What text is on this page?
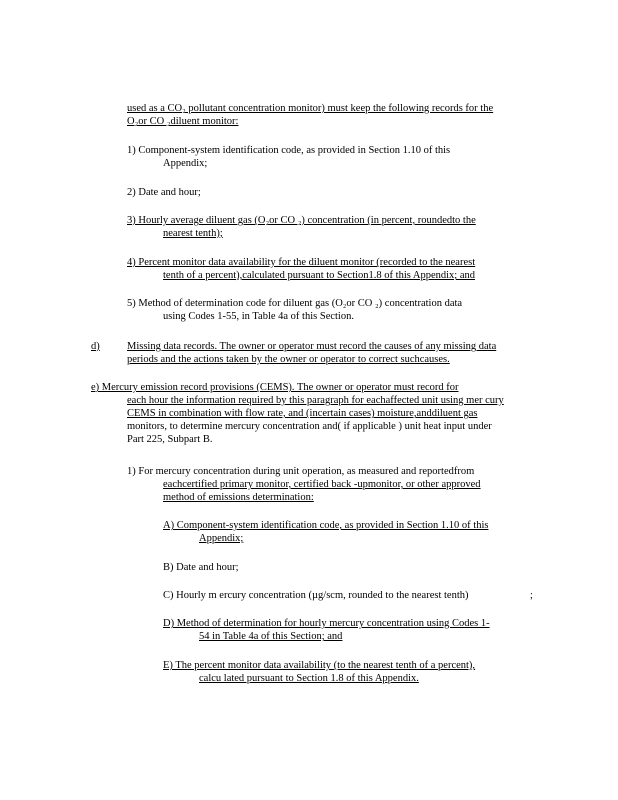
used as a CO₂ pollutant concentration monitor) must keep the following records for the
O₂or CO ₂diluent monitor:
1) Component-system identification code, as provided in Section 1.10 of this
Appendix;
2) Date and hour;
3) Hourly average diluent gas (O₂or CO ₂) concentration (in percent, roundedto the
nearest tenth);
4) Percent monitor data availability for the diluent monitor (recorded to the nearest
tenth of a percent),calculated pursuant to Section1.8 of this Appendix; and
5) Method of determination code for diluent gas (O₂or CO ₂) concentration data
using Codes 1-55, in Table 4a of this Section.
d)	Missing data records. The owner or operator must record the causes of any missing data
periods and the actions taken by the owner or operator to correct suchcauses.
e) Mercury emission record provisions (CEMS). The owner or operator must record for
each hour the information required by this paragraph for eachaffected unit using mer cury
CEMS in combination with flow rate, and (incertain cases) moisture,anddiluent gas
monitors, to determine mercury concentration and( if applicable ) unit heat input under
Part 225, Subpart B.
1) For mercury concentration during unit operation, as measured and reportedfrom
eachcertified primary monitor, certified back -upmonitor, or other approved
method of emissions determination:
A) Component-system identification code, as provided in Section 1.10 of this
Appendix;
B) Date and hour;
C) Hourly m ercury concentration (µg/scm, rounded to the nearest tenth)	;
D) Method of determination for hourly mercury concentration using Codes 1-
54 in Table 4a of this Section; and
E) The percent monitor data availability (to the nearest tenth of a percent),
calcu lated pursuant to Section 1.8 of this Appendix.
